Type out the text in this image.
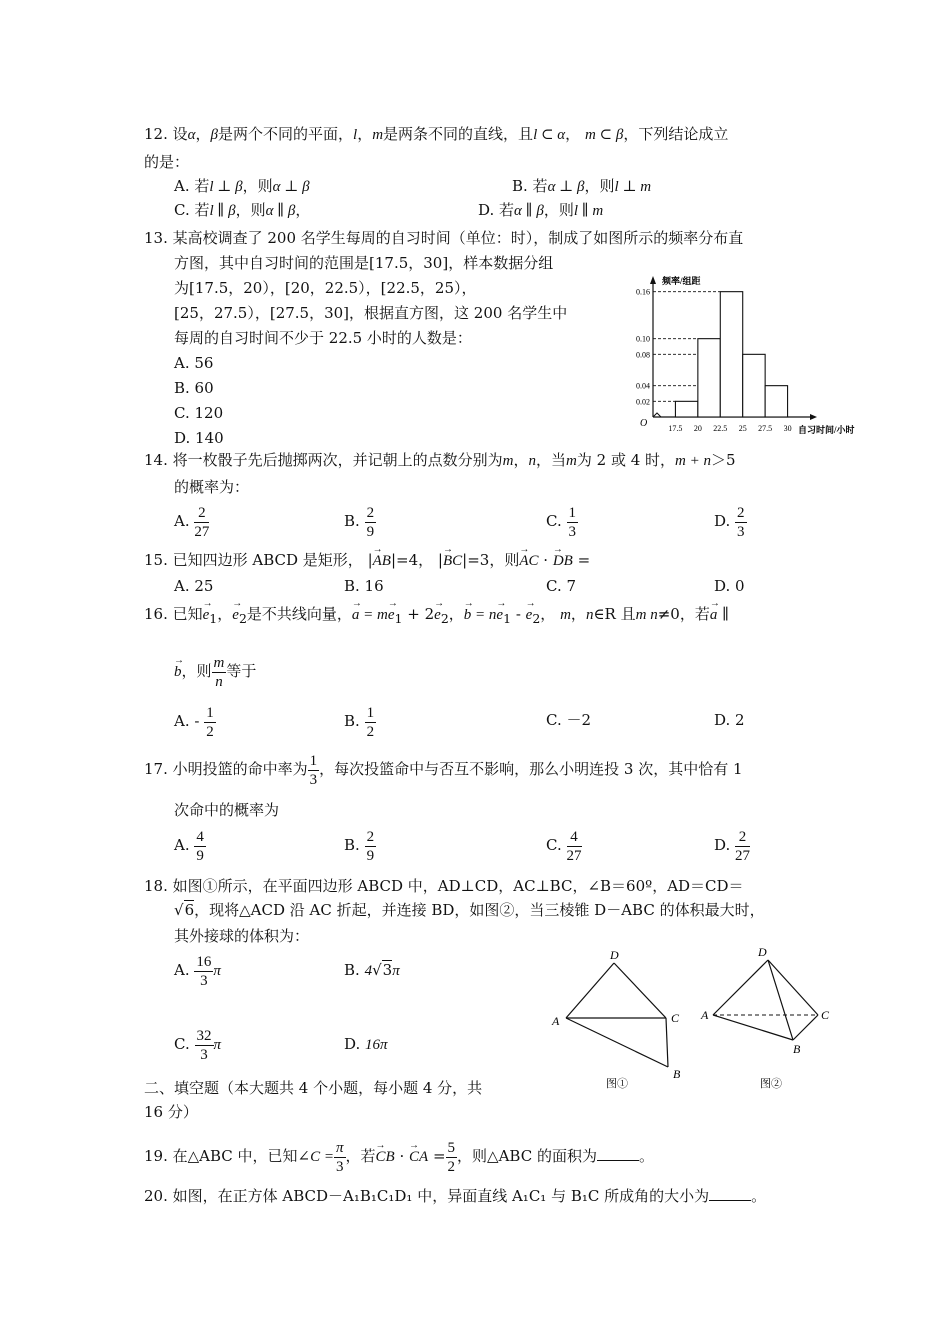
12. 设α，β是两个不同的平面，l，m是两条不同的直线，且l ⊂ α， m ⊂ β，下列结论成立
的是：
A. 若l ⊥ β，则α ⊥ β	B. 若α ⊥ β，则l ⊥ m
C. 若l ∥ β，则α ∥ β，	D. 若α ∥ β，则l ∥ m
13. 某高校调查了 200 名学生每周的自习时间（单位：时），制成了如图所示的频率分布直
方图，其中自习时间的范围是[17.5，30]，样本数据分组
为[17.5，20），[20，22.5），[22.5，25），
[25，27.5），[27.5，30]，根据直方图，这 200 名学生中
每周的自习时间不少于 22.5 小时的人数是：
A. 56
B. 60
C. 120
D. 140
频率/组距
自习时间/小时
O	17.5 20 22.5 25 27.5 30
0.02
0.04
0.08
0.10
0.16
14. 将一枚骰子先后抛掷两次，并记朝上的点数分别为m，n，当m为 2 或 4 时，m + n＞5
的概率为：
A. $\frac{2}{27}$	B. $\frac{2}{9}$	C. $\frac{1}{3}$	D. $\frac{2}{3}$
15. 已知四边形 ABCD 是矩形， |→ AB|=4， |→ BC|=3，则→ AC · → DB =
A. 25	B. 16	C. 7	D. 0
16. 已知→ $e_1$，→ $e_2$是不共线向量，→ $a = m\to e_1 + 2\to e_2$，→ $b = n\to e_1$ - → $e_2$， m，n∈R 且m n≠0，若→ a ∥
→ b，则 $\frac{m}{n}$ 等于
A. - $\frac{1}{2}$	B. $\frac{1}{2}$	C. －2	D. 2
17. 小明投篮的命中率为 $\frac{1}{3}$ ，每次投篮命中与否互不影响，那么小明连投 3 次，其中恰有 1
次命中的概率为
A. $\frac{4}{9}$	B. $\frac{2}{9}$	C. $\frac{4}{27}$	D. $\frac{2}{27}$
18. 如图①所示，在平面四边形 ABCD 中，AD⊥CD，AC⊥BC，∠B＝60º，AD＝CD＝
√6，现将△ACD 沿 AC 折起，并连接 BD，如图②，当三棱锥 D－ABC 的体积最大时，
其外接球的体积为：
A. $\frac{16}{3}$ π	B. 4√3π
C. $\frac{32}{3}$ π	D. 16π
D
A	C
B
图①
D
A	C
B
图②
二、填空题（本大题共 4 个小题，每小题 4 分，共
16 分）
19. 在△ABC 中，已知∠C = $\frac{\pi}{3}$ ，若→ CB · → CA = $\frac{5}{2}$ ，则△ABC 的面积为	。
20. 如图，在正方体 ABCD－A₁B₁C₁D₁ 中，异面直线 A₁C₁ 与 B₁C 所成角的大小为	。
